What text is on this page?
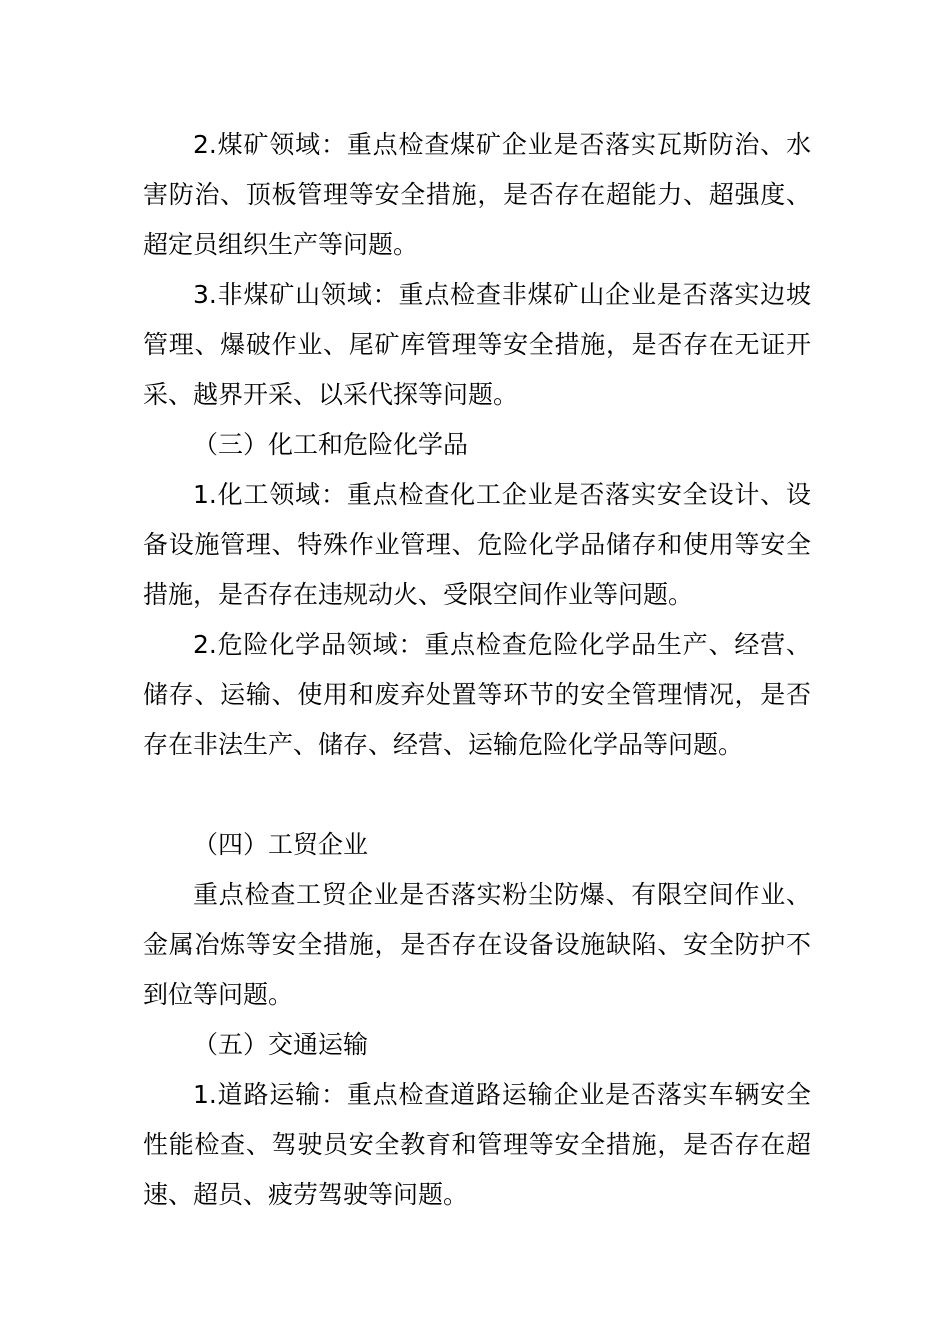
2.煤矿领域：重点检查煤矿企业是否落实瓦斯防治、水害防治、顶板管理等安全措施，是否存在超能力、超强度、超定员组织生产等问题。

3.非煤矿山领域：重点检查非煤矿山企业是否落实边坡管理、爆破作业、尾矿库管理等安全措施，是否存在无证开采、越界开采、以采代探等问题。

（三）化工和危险化学品

1.化工领域：重点检查化工企业是否落实安全设计、设备设施管理、特殊作业管理、危险化学品储存和使用等安全措施，是否存在违规动火、受限空间作业等问题。

2.危险化学品领域：重点检查危险化学品生产、经营、储存、运输、使用和废弃处置等环节的安全管理情况，是否存在非法生产、储存、经营、运输危险化学品等问题。

（四）工贸企业

重点检查工贸企业是否落实粉尘防爆、有限空间作业、金属冶炼等安全措施，是否存在设备设施缺陷、安全防护不到位等问题。

（五）交通运输

1.道路运输：重点检查道路运输企业是否落实车辆安全性能检查、驾驶员安全教育和管理等安全措施，是否存在超速、超员、疲劳驾驶等问题。
